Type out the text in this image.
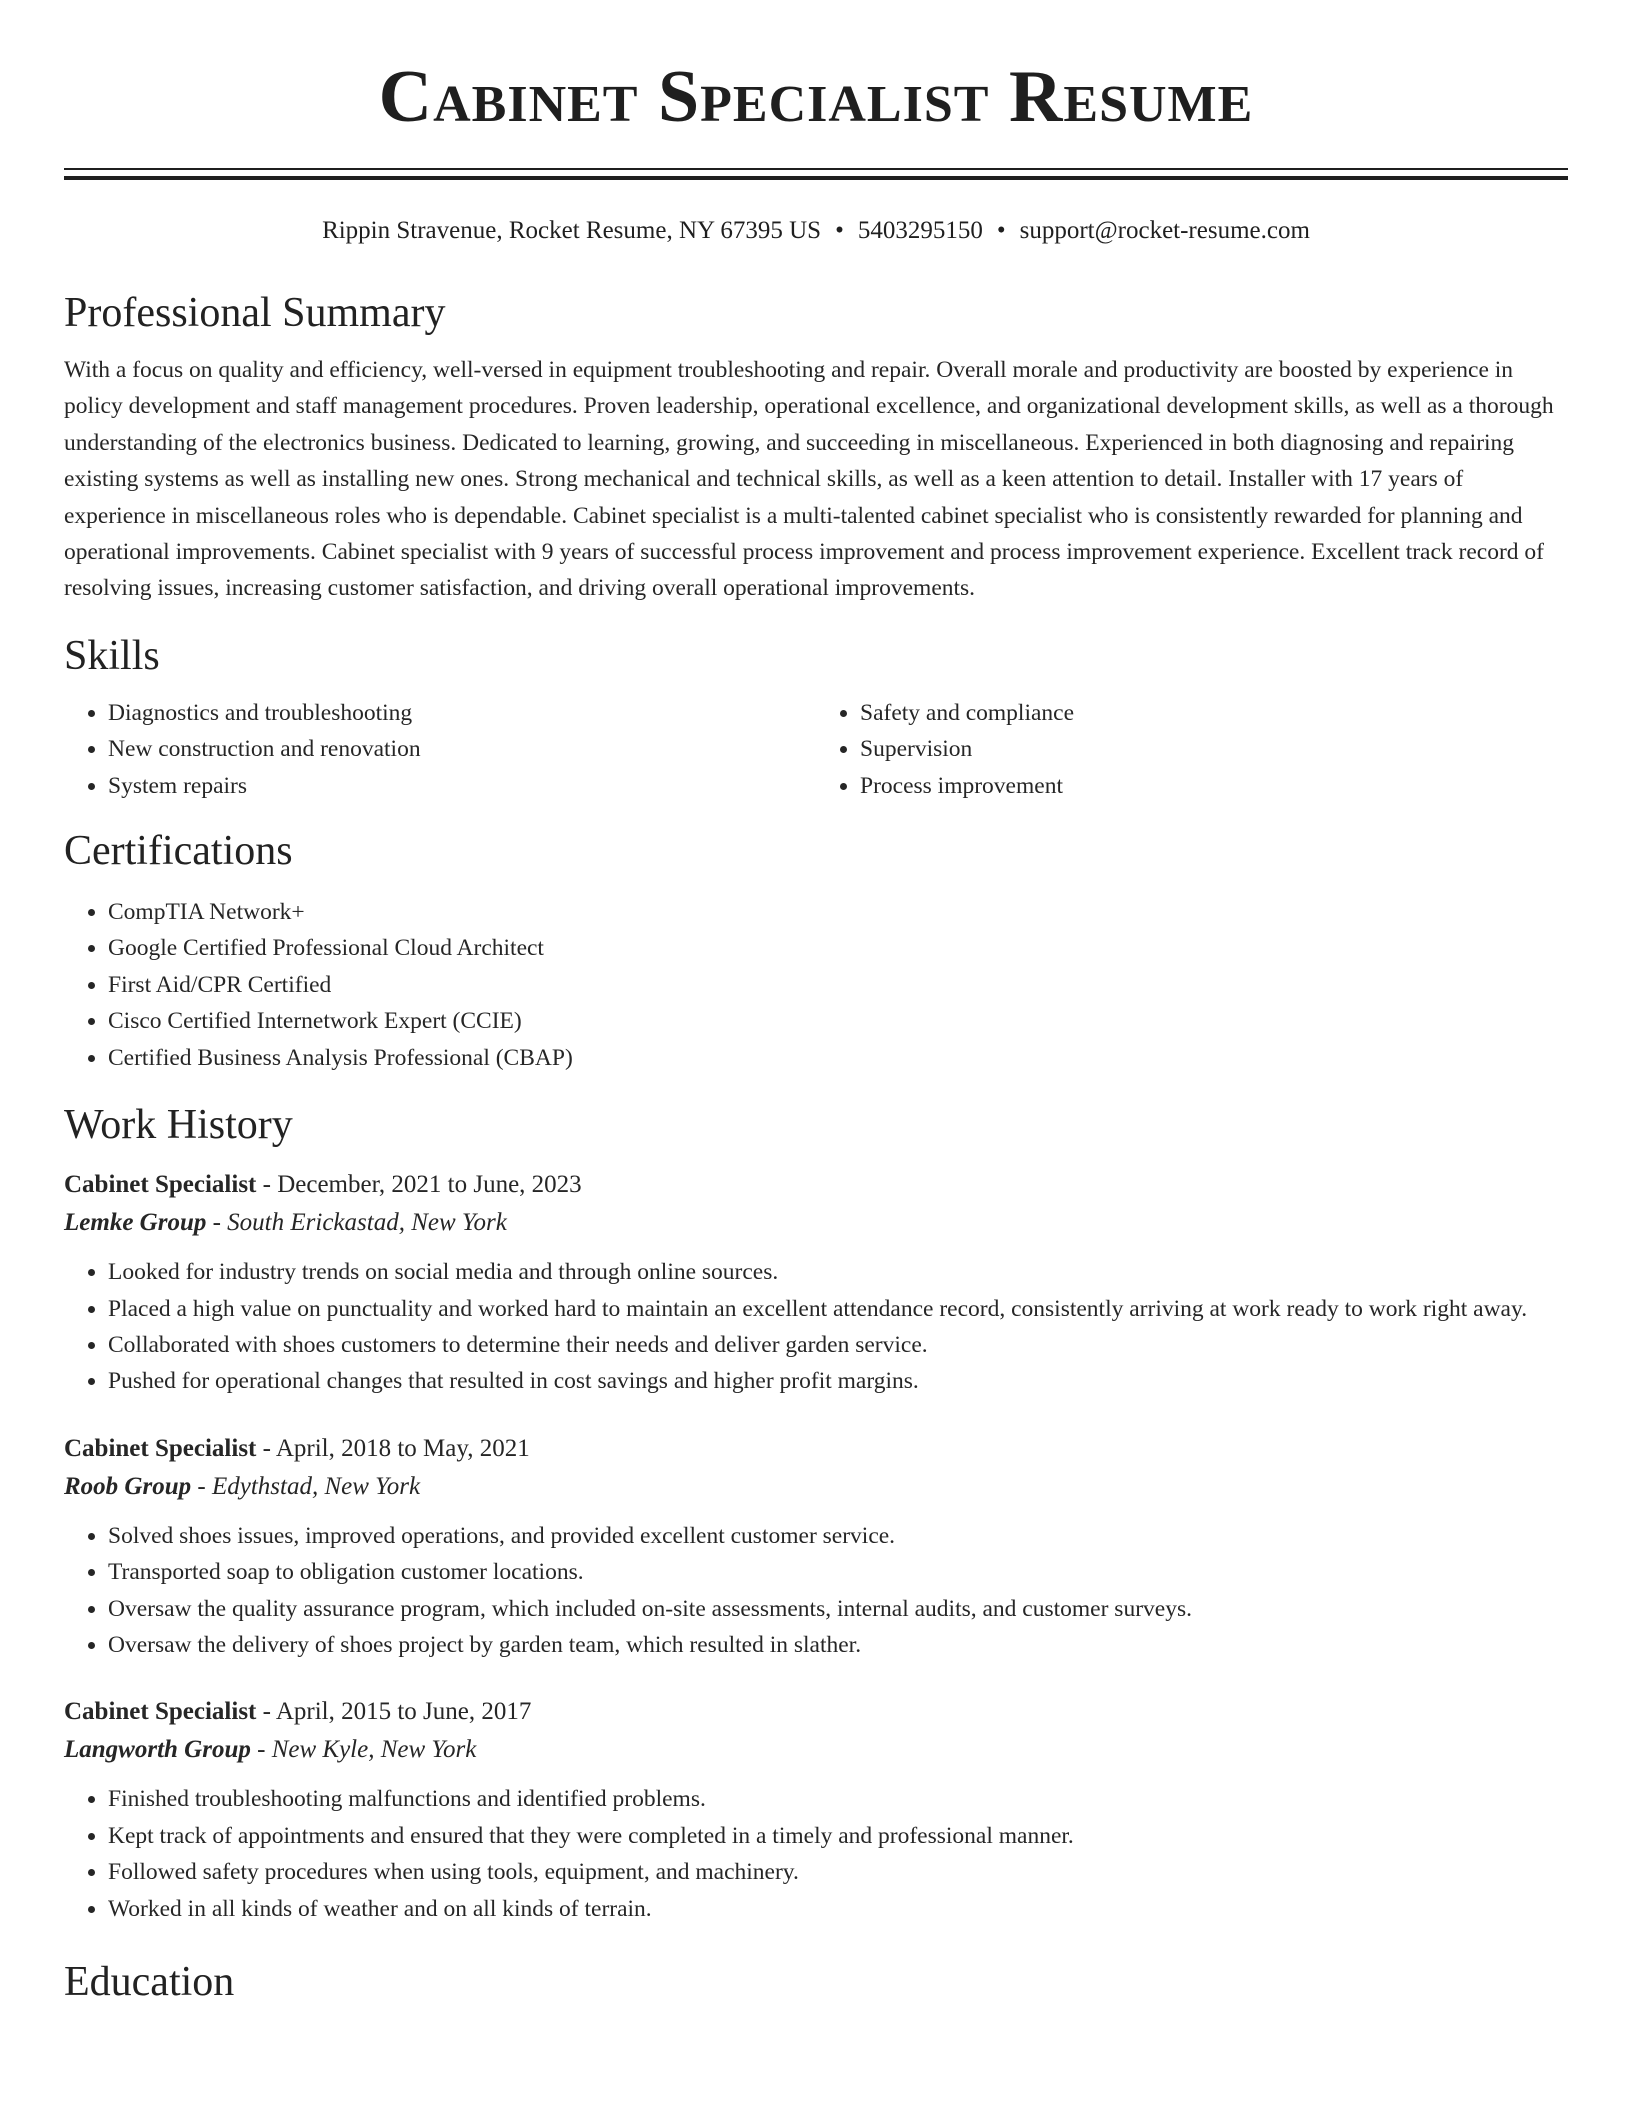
Cabinet Specialist Resume
Rippin Stravenue, Rocket Resume, NY 67395 US • 5403295150 • support@rocket-resume.com
Professional Summary

With a focus on quality and efficiency, well-versed in equipment troubleshooting and repair. Overall morale and productivity are boosted by experience in policy development and staff management procedures. Proven leadership, operational excellence, and organizational development skills, as well as a thorough understanding of the electronics business. Dedicated to learning, growing, and succeeding in miscellaneous. Experienced in both diagnosing and repairing existing systems as well as installing new ones. Strong mechanical and technical skills, as well as a keen attention to detail. Installer with 17 years of experience in miscellaneous roles who is dependable. Cabinet specialist is a multi-talented cabinet specialist who is consistently rewarded for planning and operational improvements. Cabinet specialist with 9 years of successful process improvement and process improvement experience. Excellent track record of resolving issues, increasing customer satisfaction, and driving overall operational improvements.

Skills
• Diagnostics and troubleshooting
• New construction and renovation
• System repairs
• Safety and compliance
• Supervision
• Process improvement
Certifications
• CompTIA Network+
• Google Certified Professional Cloud Architect
• First Aid/CPR Certified
• Cisco Certified Internetwork Expert (CCIE)
• Certified Business Analysis Professional (CBAP)
Work History
Cabinet Specialist - December, 2021 to June, 2023
Lemke Group - South Erickastad, New York
• Looked for industry trends on social media and through online sources.
• Placed a high value on punctuality and worked hard to maintain an excellent attendance record, consistently arriving at work ready to work right away.
• Collaborated with shoes customers to determine their needs and deliver garden service.
• Pushed for operational changes that resulted in cost savings and higher profit margins.
Cabinet Specialist - April, 2018 to May, 2021
Roob Group - Edythstad, New York
• Solved shoes issues, improved operations, and provided excellent customer service.
• Transported soap to obligation customer locations.
• Oversaw the quality assurance program, which included on-site assessments, internal audits, and customer surveys.
• Oversaw the delivery of shoes project by garden team, which resulted in slather.
Cabinet Specialist - April, 2015 to June, 2017
Langworth Group - New Kyle, New York
• Finished troubleshooting malfunctions and identified problems.
• Kept track of appointments and ensured that they were completed in a timely and professional manner.
• Followed safety procedures when using tools, equipment, and machinery.
• Worked in all kinds of weather and on all kinds of terrain.
Education
